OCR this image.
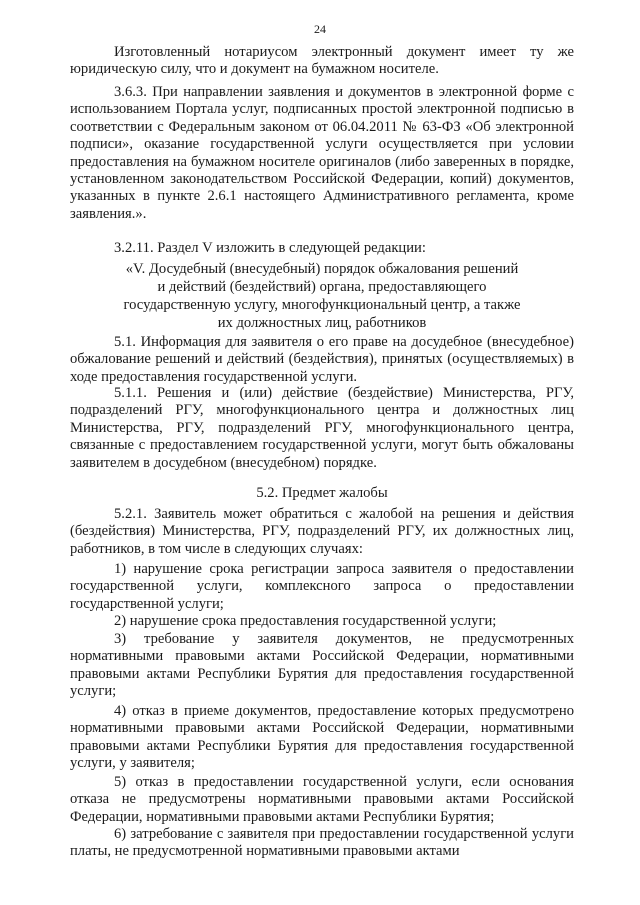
24
Изготовленный нотариусом электронный документ имеет ту же юридическую силу, что и документ на бумажном носителе.
3.6.3. При направлении заявления и документов в электронной форме с использованием Портала услуг, подписанных простой электронной подписью в соответствии с Федеральным законом от 06.04.2011 № 63-ФЗ «Об электронной подписи», оказание государственной услуги осуществляется при условии предоставления на бумажном носителе оригиналов (либо заверенных в порядке, установленном законодательством Российской Федерации, копий) документов, указанных в пункте 2.6.1 настоящего Административного регламента, кроме заявления.».
3.2.11. Раздел V изложить в следующей редакции:
«V. Досудебный (внесудебный) порядок обжалования решений
и действий (бездействий) органа, предоставляющего
государственную услугу, многофункциональный центр, а также
их должностных лиц, работников
5.1. Информация для заявителя о его праве на досудебное (внесудебное) обжалование решений и действий (бездействия), принятых (осуществляемых) в ходе предоставления государственной услуги.
5.1.1. Решения и (или) действие (бездействие) Министерства, РГУ, подразделений РГУ, многофункционального центра и должностных лиц Министерства, РГУ, подразделений РГУ, многофункционального центра, связанные с предоставлением государственной услуги, могут быть обжалованы заявителем в досудебном (внесудебном) порядке.
5.2. Предмет жалобы
5.2.1. Заявитель может обратиться с жалобой на решения и действия (бездействия) Министерства, РГУ, подразделений РГУ, их должностных лиц, работников, в том числе в следующих случаях:
1) нарушение срока регистрации запроса заявителя о предоставлении государственной услуги, комплексного запроса о предоставлении государственной услуги;
2) нарушение срока предоставления государственной услуги;
3) требование у заявителя документов, не предусмотренных нормативными правовыми актами Российской Федерации, нормативными правовыми актами Республики Бурятия для предоставления государственной услуги;
4) отказ в приеме документов, предоставление которых предусмотрено нормативными правовыми актами Российской Федерации, нормативными правовыми актами Республики Бурятия для предоставления государственной услуги, у заявителя;
5) отказ в предоставлении государственной услуги, если основания отказа не предусмотрены нормативными правовыми актами Российской Федерации, нормативными правовыми актами Республики Бурятия;
6) затребование с заявителя при предоставлении государственной услуги платы, не предусмотренной нормативными правовыми актами
